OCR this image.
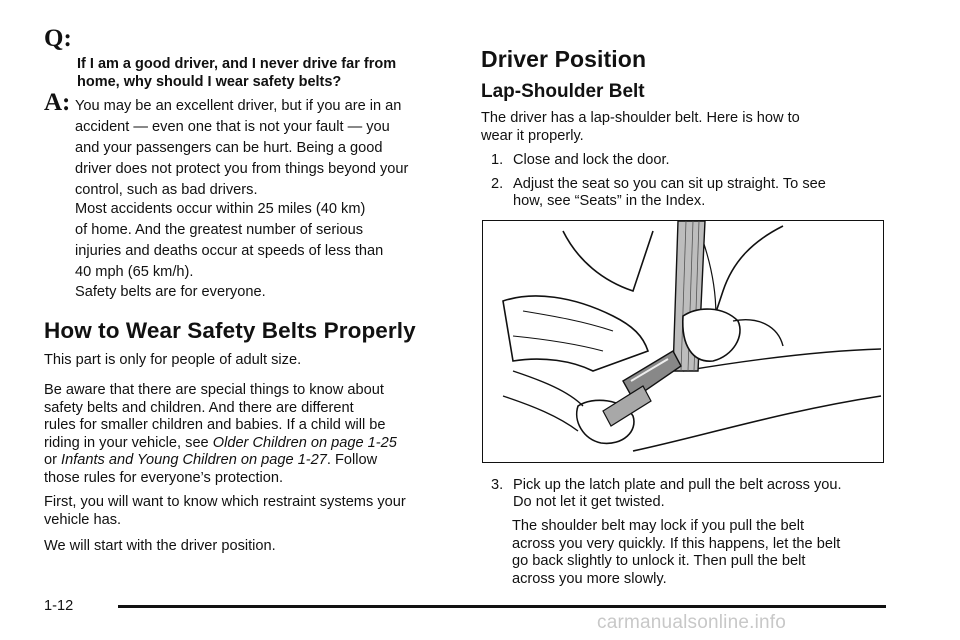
Q:
If I am a good driver, and I never drive far from
home, why should I wear safety belts?
A: You may be an excellent driver, but if you are in an
accident — even one that is not your fault — you
and your passengers can be hurt. Being a good
driver does not protect you from things beyond your
control, such as bad drivers.
Most accidents occur within 25 miles (40 km)
of home. And the greatest number of serious
injuries and deaths occur at speeds of less than
40 mph (65 km/h).
Safety belts are for everyone.
How to Wear Safety Belts Properly

This part is only for people of adult size.

Be aware that there are special things to know about
safety belts and children. And there are different
rules for smaller children and babies. If a child will be
riding in your vehicle, see Older Children on page 1-25
or Infants and Young Children on page 1-27. Follow
those rules for everyone’s protection.
First, you will want to know which restraint systems your
vehicle has.

We will start with the driver position.

Driver Position
Lap-Shoulder Belt
The driver has a lap-shoulder belt. Here is how to
wear it properly.
1. Close and lock the door.
2. Adjust the seat so you can sit up straight. To see
how, see “Seats” in the Index.
3. Pick up the latch plate and pull the belt across you.
Do not let it get twisted.
The shoulder belt may lock if you pull the belt
across you very quickly. If this happens, let the belt
go back slightly to unlock it. Then pull the belt
across you more slowly.
1-12
carmanualsonline.info
